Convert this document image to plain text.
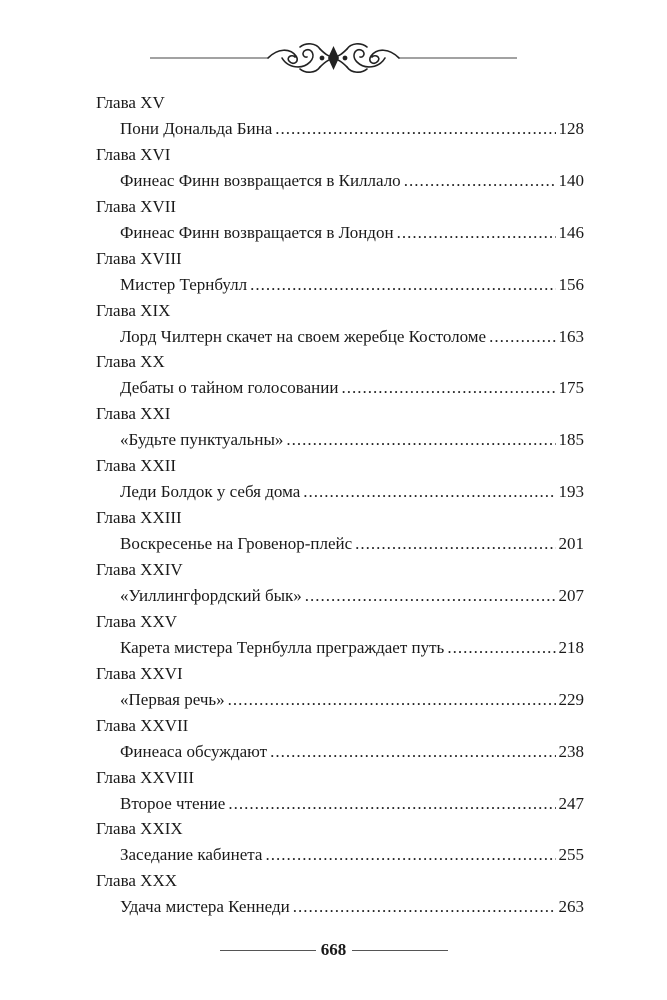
Глава XV
Пони Дональда Бина .....	128
Глава XVI
Финеас Финн возвращается в Киллало .....	140
Глава XVII
Финеас Финн возвращается в Лондон .....	146
Глава XVIII
Мистер Тернбулл .....	156
Глава XIX
Лорд Чилтерн скачет на своем жеребце Костоломе .....	163
Глава XX
Дебаты о тайном голосовании .....	175
Глава XXI
«Будьте пунктуальны» .....	185
Глава XXII
Леди Болдок у себя дома .....	193
Глава XXIII
Воскресенье на Гровенор-плейс .....	201
Глава XXIV
«Уиллингфордский бык» .....	207
Глава XXV
Карета мистера Тернбулла преграждает путь .....	218
Глава XXVI
«Первая речь» .....	229
Глава XXVII
Финеаса обсуждают .....	238
Глава XXVIII
Второе чтение .....	247
Глава XXIX
Заседание кабинета .....	255
Глава XXX
Удача мистера Кеннеди .....	263
668
